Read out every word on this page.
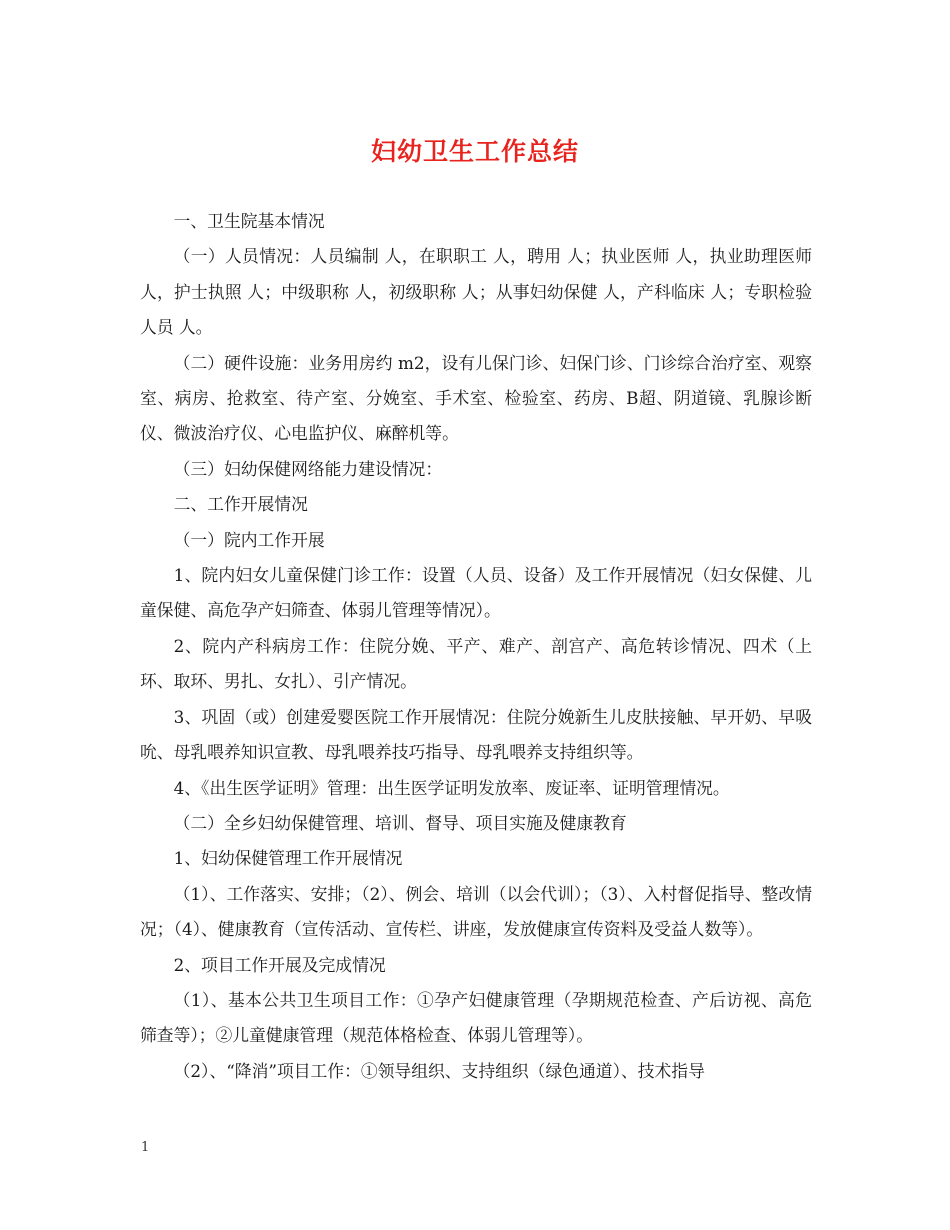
妇幼卫生工作总结

一、卫生院基本情况

（一）人员情况：人员编制 人，在职职工 人，聘用 人；执业医师 人，执业助理医师 人，护士执照 人；中级职称 人，初级职称 人；从事妇幼保健 人，产科临床 人；专职检验人员 人。

（二）硬件设施：业务用房约 m2，设有儿保门诊、妇保门诊、门诊综合治疗室、观察室、病房、抢救室、待产室、分娩室、手术室、检验室、药房、B超、阴道镜、乳腺诊断仪、微波治疗仪、心电监护仪、麻醉机等。

（三）妇幼保健网络能力建设情况：

二、工作开展情况

（一）院内工作开展

1、院内妇女儿童保健门诊工作：设置（人员、设备）及工作开展情况（妇女保健、儿童保健、高危孕产妇筛查、体弱儿管理等情况）。

2、院内产科病房工作：住院分娩、平产、难产、剖宫产、高危转诊情况、四术（上环、取环、男扎、女扎）、引产情况。

3、巩固（或）创建爱婴医院工作开展情况：住院分娩新生儿皮肤接触、早开奶、早吸吮、母乳喂养知识宣教、母乳喂养技巧指导、母乳喂养支持组织等。

4、《出生医学证明》管理：出生医学证明发放率、废证率、证明管理情况。

（二）全乡妇幼保健管理、培训、督导、项目实施及健康教育

1、妇幼保健管理工作开展情况

（1）、工作落实、安排；（2）、例会、培训（以会代训）；（3）、入村督促指导、整改情况；（4）、健康教育（宣传活动、宣传栏、讲座，发放健康宣传资料及受益人数等）。

2、项目工作开展及完成情况

（1）、基本公共卫生项目工作：①孕产妇健康管理（孕期规范检查、产后访视、高危筛查等）；②儿童健康管理（规范体格检查、体弱儿管理等）。

（2）、“降消”项目工作：①领导组织、支持组织（绿色通道）、技术指导

1
